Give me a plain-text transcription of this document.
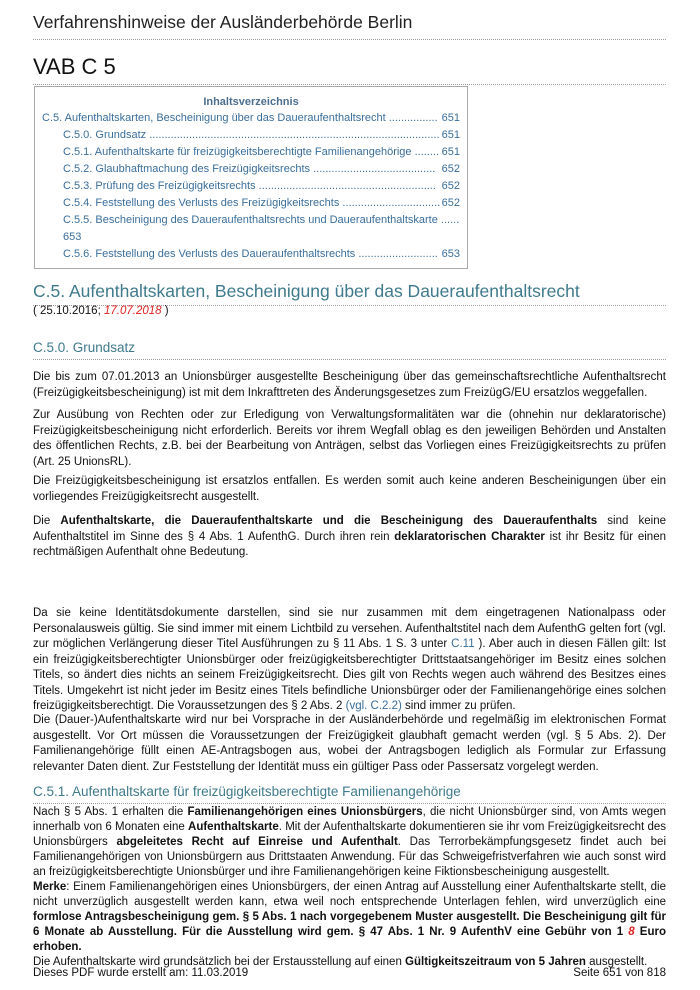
Verfahrenshinweise der Ausländerbehörde Berlin
VAB C 5
Inhaltsverzeichnis
C.5. Aufenthaltskarten, Bescheinigung über das Daueraufenthaltsrecht ................ 651
C.5.0. Grundsatz ............................................................................................... 651
C.5.1. Aufenthaltskarte für freizügigkeitsberechtigte Familienangehörige ........ 651
C.5.2. Glaubhaftmachung des Freizügigkeitsrechts ........................................ 652
C.5.3. Prüfung des Freizügigkeitsrechts .......................................................... 652
C.5.4. Feststellung des Verlusts des Freizügigkeitsrechts ................................ 652
C.5.5. Bescheinigung des Daueraufenthaltsrechts und Daueraufenthaltskarte ......
653
C.5.6. Feststellung des Verlusts des Daueraufenthaltsrechts .......................... 653
C.5. Aufenthaltskarten, Bescheinigung über das Daueraufenthaltsrecht
( 25.10.2016; 17.07.2018 )
C.5.0. Grundsatz
Die bis zum 07.01.2013 an Unionsbürger ausgestellte Bescheinigung über das gemeinschaftsrechtliche Aufenthaltsrecht (Freizügigkeitsbescheinigung) ist mit dem Inkrafttreten des Änderungsgesetzes zum FreizügG/EU ersatzlos weggefallen.
Zur Ausübung von Rechten oder zur Erledigung von Verwaltungsformalitäten war die (ohnehin nur deklaratorische) Freizügigkeitsbescheinigung nicht erforderlich. Bereits vor ihrem Wegfall oblag es den jeweiligen Behörden und Anstalten des öffentlichen Rechts, z.B. bei der Bearbeitung von Anträgen, selbst das Vorliegen eines Freizügigkeitsrechts zu prüfen (Art. 25 UnionsRL).
Die Freizügigkeitsbescheinigung ist ersatzlos entfallen. Es werden somit auch keine anderen Bescheinigungen über ein vorliegendes Freizügigkeitsrecht ausgestellt.
Die Aufenthaltskarte, die Daueraufenthaltskarte und die Bescheinigung des Daueraufenthalts sind keine Aufenthaltstitel im Sinne des § 4 Abs. 1 AufenthG. Durch ihren rein deklaratorischen Charakter ist ihr Besitz für einen rechtmäßigen Aufenthalt ohne Bedeutung.
Da sie keine Identitätsdokumente darstellen, sind sie nur zusammen mit dem eingetragenen Nationalpass oder Personalausweis gültig. Sie sind immer mit einem Lichtbild zu versehen. Aufenthaltstitel nach dem AufenthG gelten fort (vgl. zur möglichen Verlängerung dieser Titel Ausführungen zu § 11 Abs. 1 S. 3 unter C.11 ). Aber auch in diesen Fällen gilt: Ist ein freizügigkeitsberechtigter Unionsbürger oder freizügigkeitsberechtigter Drittstaatsangehöriger im Besitz eines solchen Titels, so ändert dies nichts an seinem Freizügigkeitsrecht. Dies gilt von Rechts wegen auch während des Besitzes eines Titels. Umgekehrt ist nicht jeder im Besitz eines Titels befindliche Unionsbürger oder der Familienangehörige eines solchen freizügigkeitsberechtigt. Die Voraussetzungen des § 2 Abs. 2 (vgl. C.2.2) sind immer zu prüfen.
Die (Dauer-)Aufenthaltskarte wird nur bei Vorsprache in der Ausländerbehörde und regelmäßig im elektronischen Format ausgestellt. Vor Ort müssen die Voraussetzungen der Freizügigkeit glaubhaft gemacht werden (vgl. § 5 Abs. 2). Der Familienangehörige füllt einen AE-Antragsbogen aus, wobei der Antragsbogen lediglich als Formular zur Erfassung relevanter Daten dient. Zur Feststellung der Identität muss ein gültiger Pass oder Passersatz vorgelegt werden.
C.5.1. Aufenthaltskarte für freizügigkeitsberechtigte Familienangehörige
Nach § 5 Abs. 1 erhalten die Familienangehörigen eines Unionsbürgers, die nicht Unionsbürger sind, von Amts wegen innerhalb von 6 Monaten eine Aufenthaltskarte. Mit der Aufenthaltskarte dokumentieren sie ihr vom Freizügigkeitsrecht des Unionsbürgers abgeleitetes Recht auf Einreise und Aufenthalt. Das Terrorbekämpfungsgesetz findet auch bei Familienangehörigen von Unionsbürgern aus Drittstaaten Anwendung. Für das Schweigefristverfahren wie auch sonst wird an freizügigkeitsberechtigte Unionsbürger und ihre Familienangehörigen keine Fiktionsbescheinigung ausgestellt.
Merke: Einem Familienangehörigen eines Unionsbürgers, der einen Antrag auf Ausstellung einer Aufenthaltskarte stellt, die nicht unverzüglich ausgestellt werden kann, etwa weil noch entsprechende Unterlagen fehlen, wird unverzüglich eine formlose Antragsbescheinigung gem. § 5 Abs. 1 nach vorgegebenem Muster ausgestellt. Die Bescheinigung gilt für 6 Monate ab Ausstellung. Für die Ausstellung wird gem. § 47 Abs. 1 Nr. 9 AufenthV eine Gebühr von 1 8 Euro erhoben.
Die Aufenthaltskarte wird grundsätzlich bei der Erstausstellung auf einen Gültigkeitszeitraum von 5 Jahren ausgestellt.
Dieses PDF wurde erstellt am: 11.03.2019	Seite 651 von 818
